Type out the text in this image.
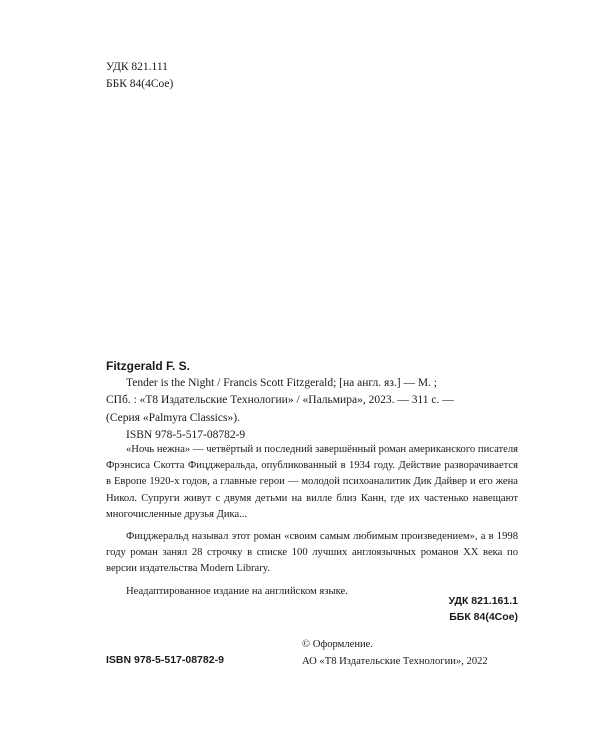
УДК 821.111
ББК 84(4Сое)
Fitzgerald F. S.
Tender is the Night / Francis Scott Fitzgerald; [на англ. яз.] — М. ;
СПб. : «Т8 Издательские Технологии» / «Пальмира», 2023. — 311 с. —
(Серия «Palmyra Classics»).
ISBN 978-5-517-08782-9

«Ночь нежна» — четвёртый и последний завершённый роман американского писателя Фрэнсиса Скотта Фицджеральда, опубликованный в 1934 году. Действие разворачивается в Европе 1920-х годов, а главные герои — молодой психоаналитик Дик Дайвер и его жена Никол. Супруги живут с двумя детьми на вилле близ Канн, где их частенько навещают многочисленные друзья Дика...

Фицджеральд называл этот роман «своим самым любимым произведением», а в 1998 году роман занял 28 строчку в списке 100 лучших англоязычных романов XX века по версии издательства Modern Library.

Неадаптированное издание на английском языке.

УДК 821.161.1
ББК 84(4Сое)
© Оформление.
АО «Т8 Издательские Технологии», 2022
ISBN 978-5-517-08782-9
